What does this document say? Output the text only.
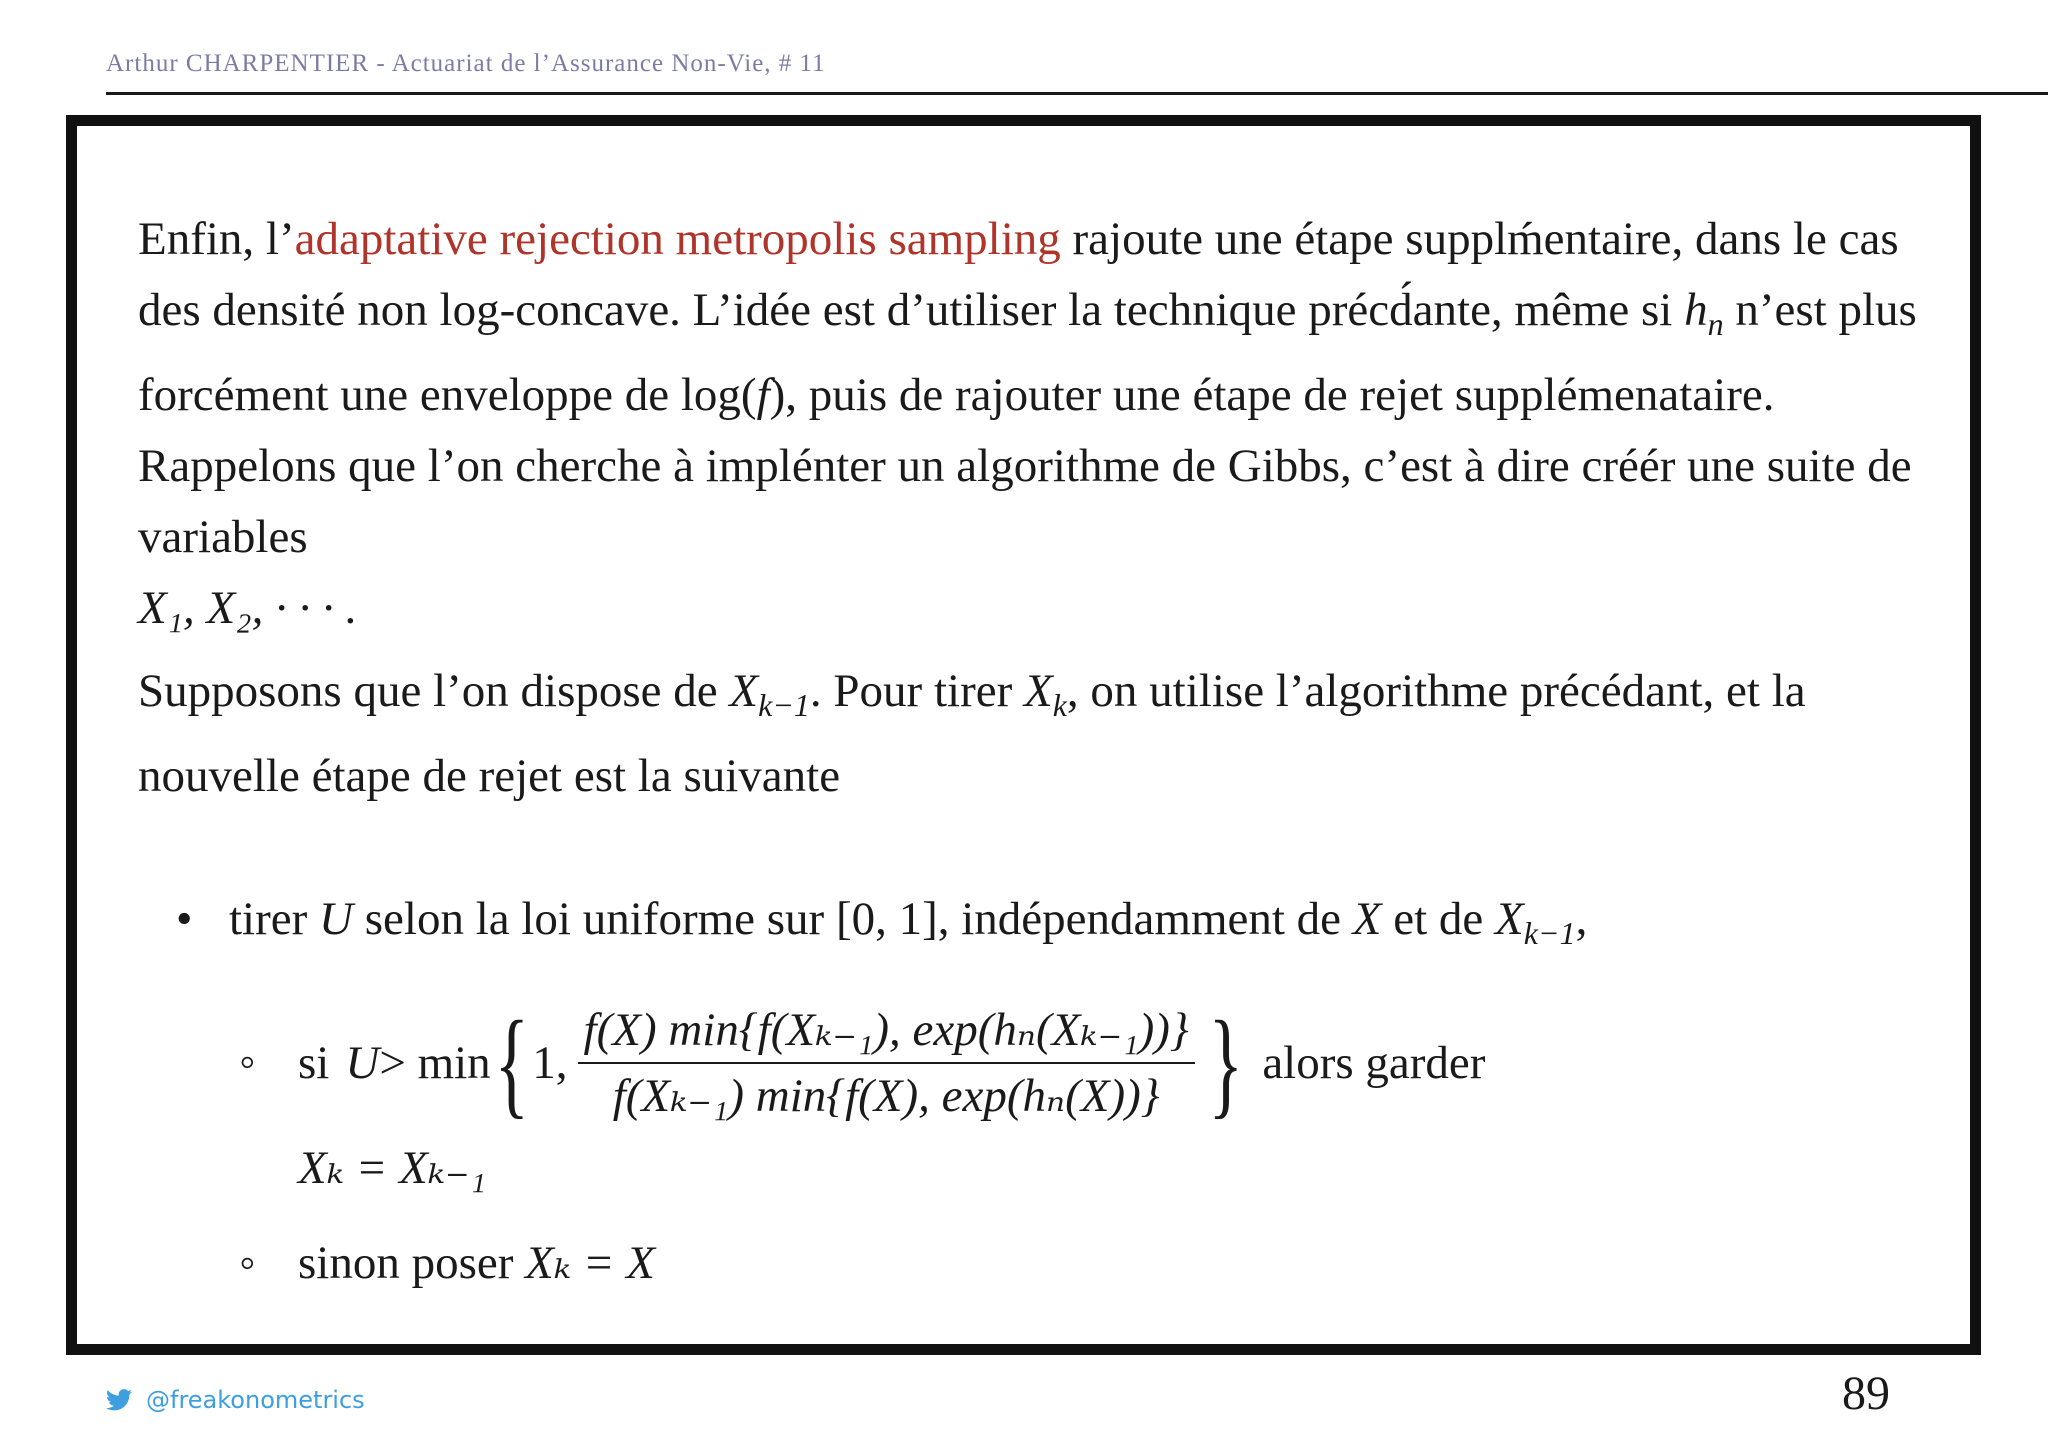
Arthur CHARPENTIER - Actuariat de l’Assurance Non-Vie, # 11

Enfin, l’adaptative rejection metropolis sampling rajoute une étape supplḿentaire, dans le cas des densité non log-concave. L’idée est d’utiliser la technique précd́ante, même si $h_n$ n’est plus forcément une enveloppe de log(f), puis de rajouter une étape de rejet supplémenataire. Rappelons que l’on cherche à implénter un algorithme de Gibbs, c’est à dire créér une suite de variables
X₁, X₂, · · · .

Supposons que l’on dispose de $X_{k-1}$. Pour tirer $X_k$, on utilise l’algorithme précédant, et la nouvelle étape de rejet est la suivante

• tirer U selon la loi uniforme sur [0, 1], indépendamment de X et de $X_{k-1}$,
◦ si U > min { 1, $\frac{\text{f(X) min\{f(Xₖ₋₁), exp(hₙ(Xₖ₋₁))\}}}{\text{f(Xₖ₋₁) min\{f(X), exp(hₙ(X))\}}}$ } alors garder
Xₖ = Xₖ₋₁
◦ sinon poser Xₖ = X
@freakonometrics	89
